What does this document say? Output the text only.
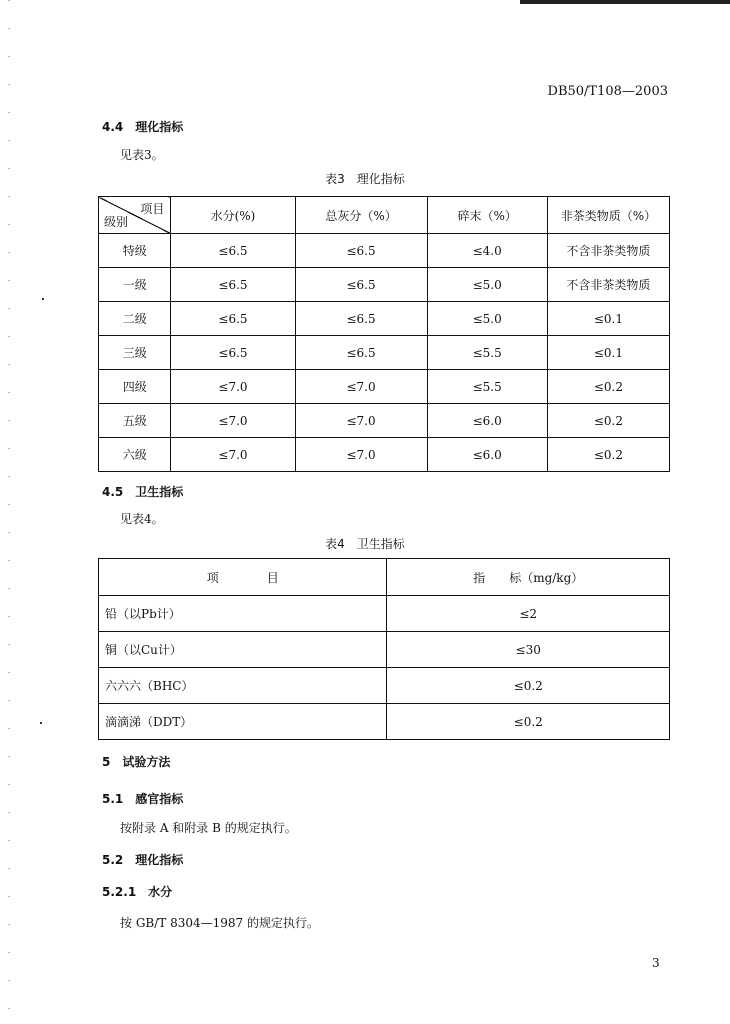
DB50/T108—2003
4.4 理化指标
见表3。
表3　理化指标
项目
级别	水分(%)	总灰分（%）	碎末（%）	非茶类物质（%）
特级	≤6.5	≤6.5	≤4.0	不含非茶类物质
一级	≤6.5	≤6.5	≤5.0	不含非茶类物质
二级	≤6.5	≤6.5	≤5.0	≤0.1
三级	≤6.5	≤6.5	≤5.5	≤0.1
四级	≤7.0	≤7.0	≤5.5	≤0.2
五级	≤7.0	≤7.0	≤6.0	≤0.2
六级	≤7.0	≤7.0	≤6.0	≤0.2
4.5 卫生指标
见表4。
表4　卫生指标
项　　　　目	指　　标（mg/kg）
铅（以Pb计）	≤2
铜（以Cu计）	≤30
六六六（BHC）	≤0.2
滴滴涕（DDT）	≤0.2
5 试验方法
5.1 感官指标
按附录 A 和附录 B 的规定执行。
5.2 理化指标
5.2.1 水分
按 GB/T 8304—1987 的规定执行。
3
